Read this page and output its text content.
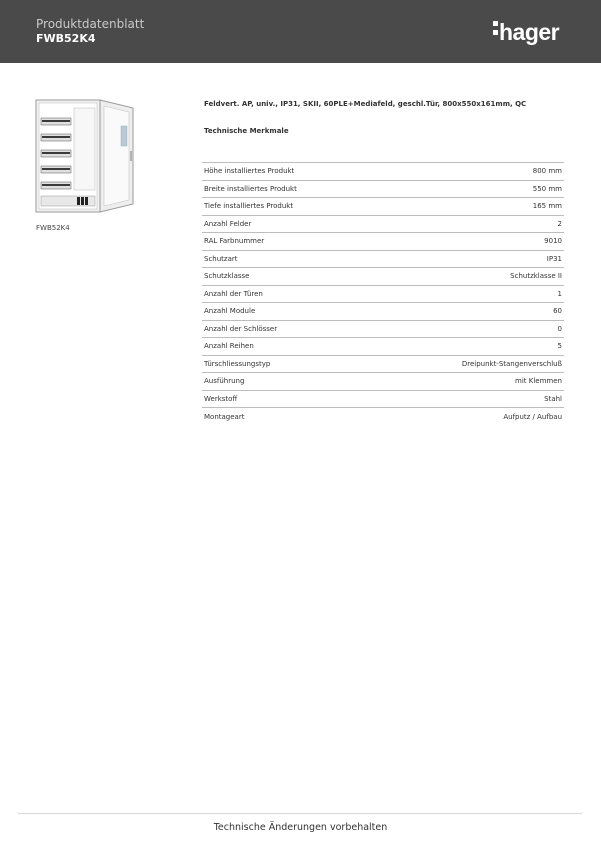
Produktdatenblatt
FWB52K4	hager
FWB52K4
Feldvert. AP, univ., IP31, SKII, 60PLE+Mediafeld, geschl.Tür, 800x550x161mm, QC
Technische Merkmale
Höhe installiertes Produkt	800 mm
Breite installiertes Produkt	550 mm
Tiefe installiertes Produkt	165 mm
Anzahl Felder	2
RAL Farbnummer	9010
Schutzart	IP31
Schutzklasse	Schutzklasse II
Anzahl der Türen	1
Anzahl Module	60
Anzahl der Schlösser	0
Anzahl Reihen	5
Türschliessungstyp	Dreipunkt-Stangenverschluß
Ausführung	mit Klemmen
Werkstoff	Stahl
Montageart	Aufputz / Aufbau
Technische Änderungen vorbehalten
